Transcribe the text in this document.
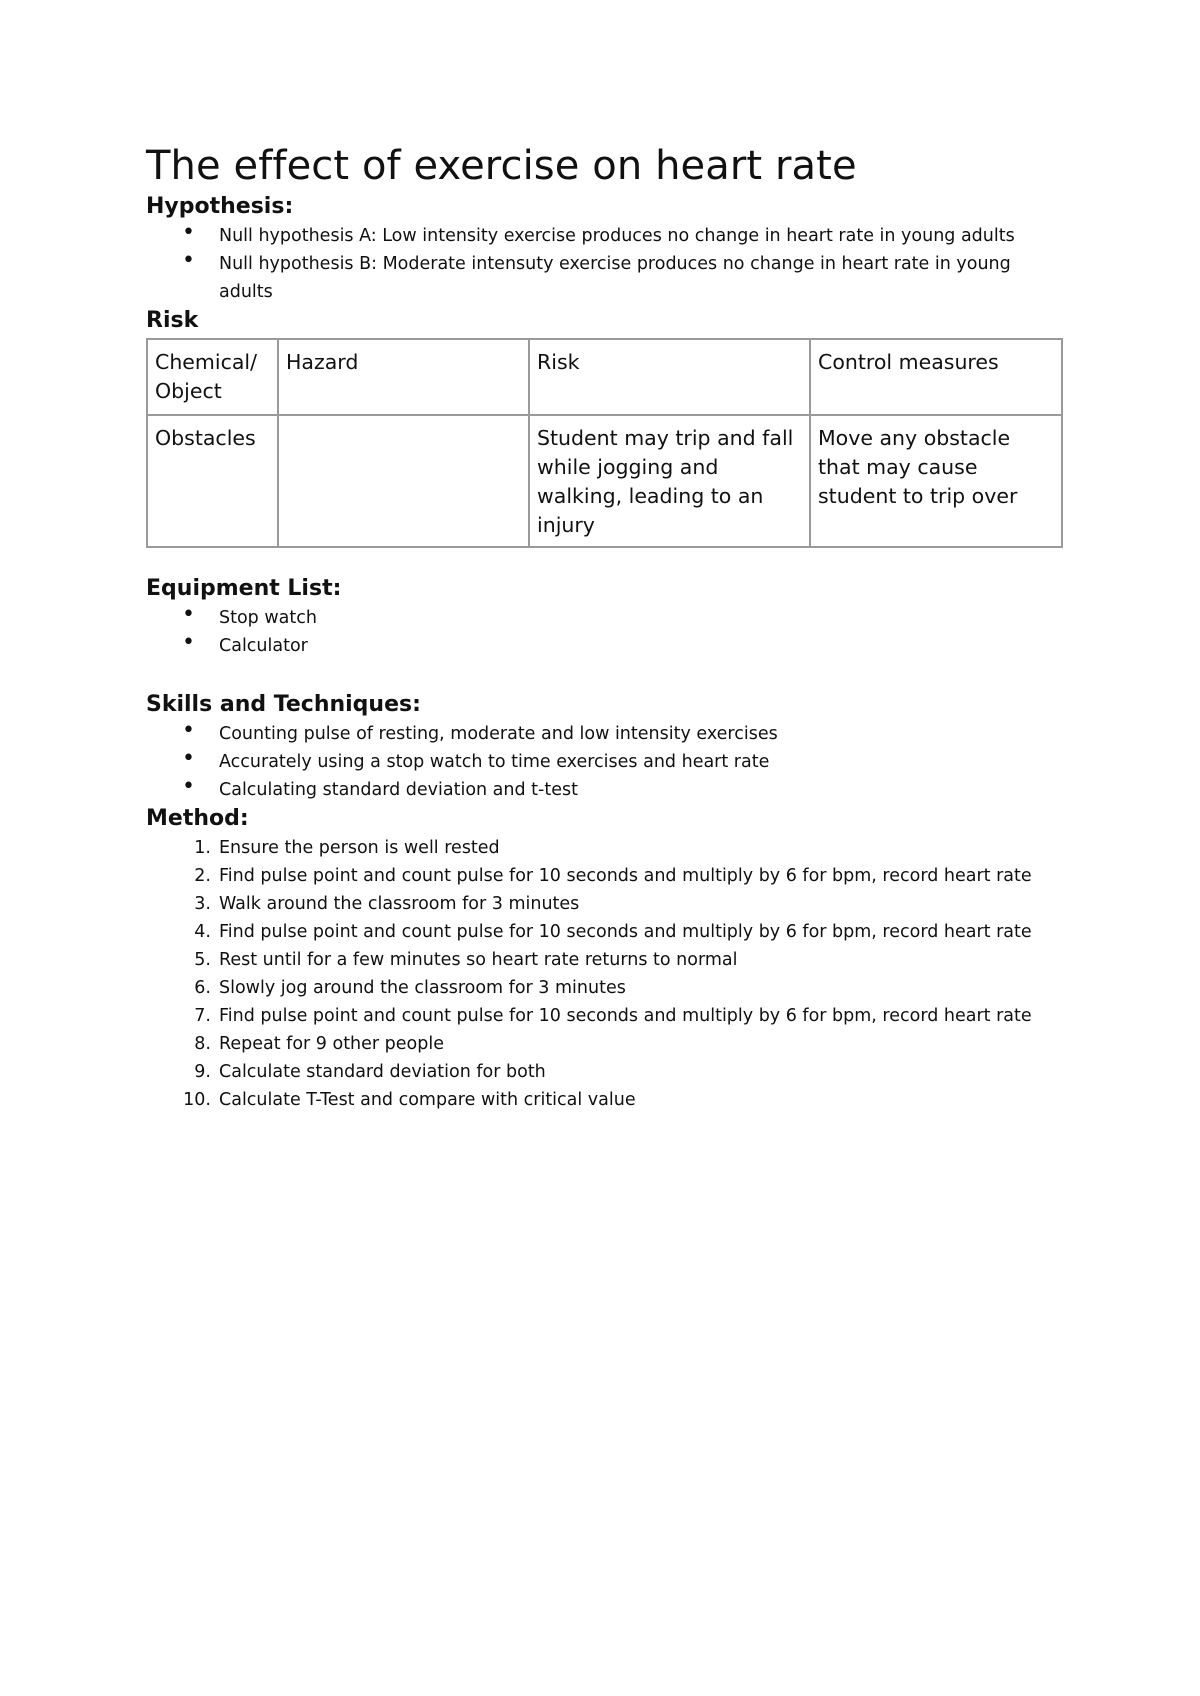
The effect of exercise on heart rate

Hypothesis:

• Null hypothesis A: Low intensity exercise produces no change in heart rate in young adults
• Null hypothesis B: Moderate intensuty exercise produces no change in heart rate in young adults

Risk

Chemical/ Object	Hazard	Risk	Control measures
Obstacles		Student may trip and fall while jogging and walking, leading to an injury	Move any obstacle that may cause student to trip over

Equipment List:

• Stop watch
• Calculator

Skills and Techniques:

• Counting pulse of resting, moderate and low intensity exercises
• Accurately using a stop watch to time exercises and heart rate
• Calculating standard deviation and t-test

Method:

1. Ensure the person is well rested
2. Find pulse point and count pulse for 10 seconds and multiply by 6 for bpm, record heart rate
3. Walk around the classroom for 3 minutes
4. Find pulse point and count pulse for 10 seconds and multiply by 6 for bpm, record heart rate
5. Rest until for a few minutes so heart rate returns to normal
6. Slowly jog around the classroom for 3 minutes
7. Find pulse point and count pulse for 10 seconds and multiply by 6 for bpm, record heart rate
8. Repeat for 9 other people
9. Calculate standard deviation for both
10. Calculate T-Test and compare with critical value
